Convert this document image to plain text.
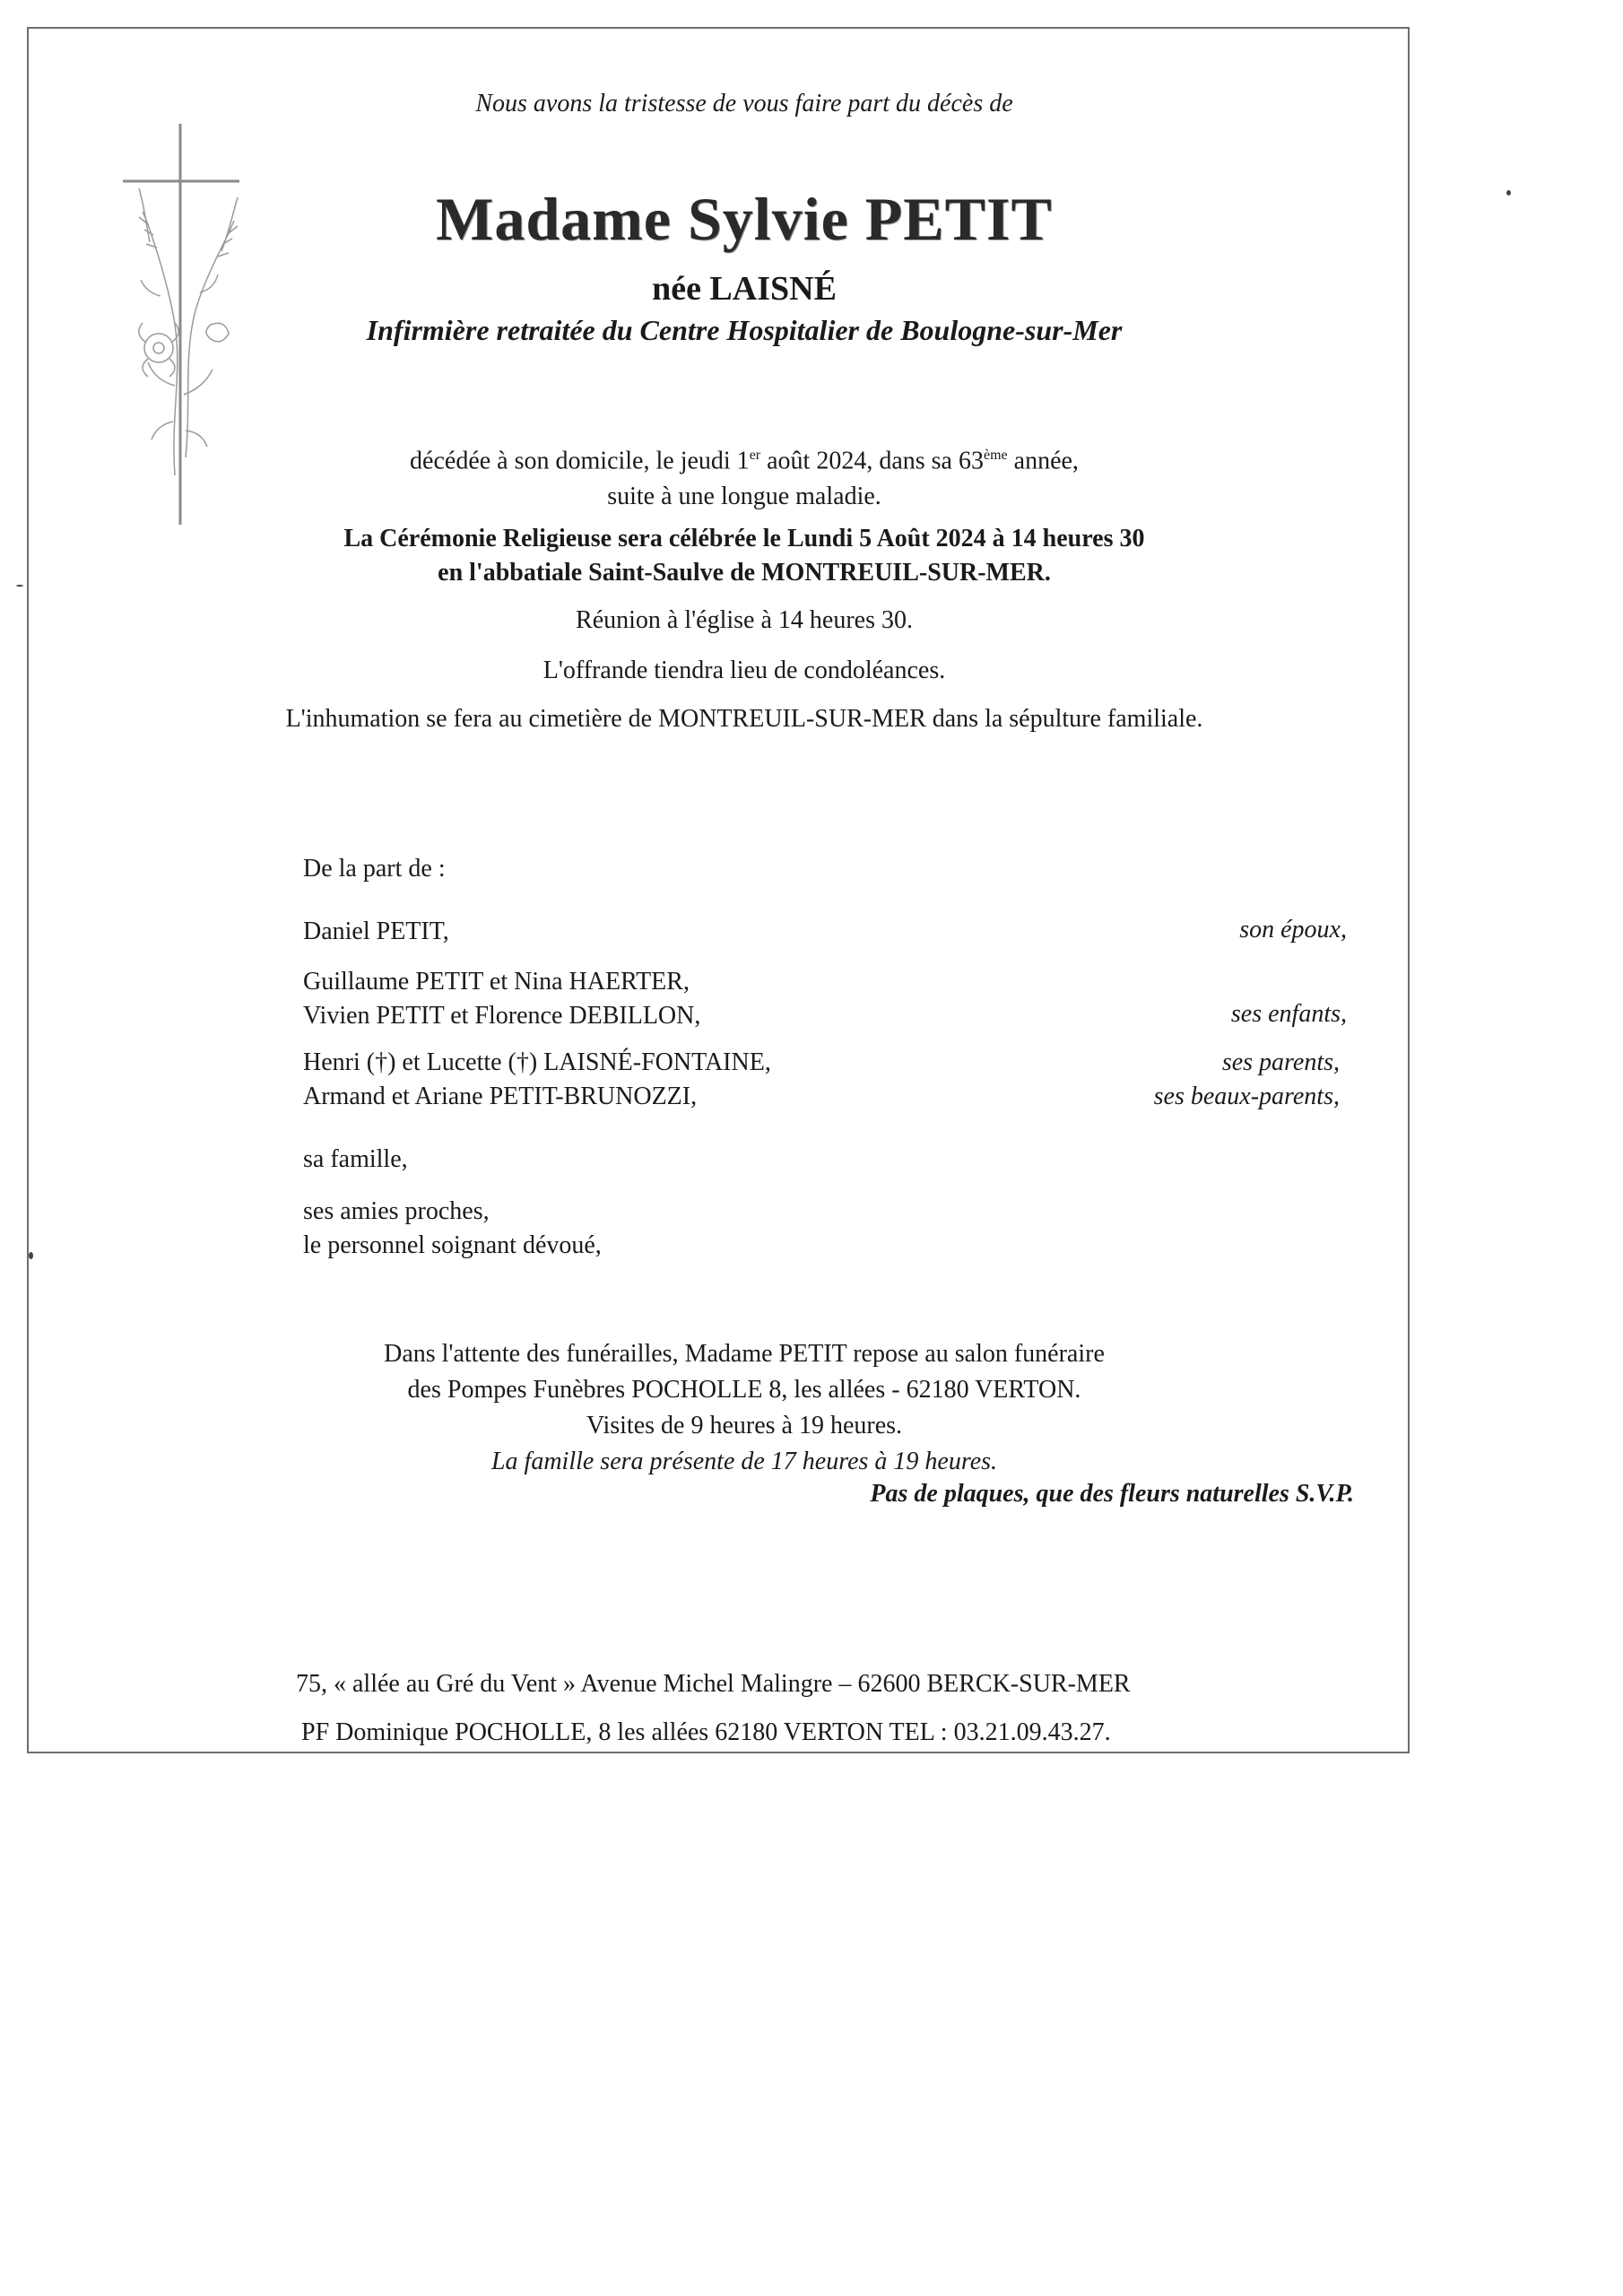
Nous avons la tristesse de vous faire part du décès de
Madame Sylvie PETIT
née LAISNÉ
Infirmière retraitée du Centre Hospitalier de Boulogne-sur-Mer
décédée à son domicile, le jeudi 1er août 2024, dans sa 63ème année,
suite à une longue maladie.
La Cérémonie Religieuse sera célébrée le Lundi 5 Août 2024 à 14 heures 30
en l'abbatiale Saint-Saulve de MONTREUIL-SUR-MER.
Réunion à l'église à 14 heures 30.
L'offrande tiendra lieu de condoléances.
L'inhumation se fera au cimetière de MONTREUIL-SUR-MER dans la sépulture familiale.
De la part de :
Daniel PETIT,	son époux,
Guillaume PETIT et Nina HAERTER,
Vivien PETIT et Florence DEBILLON,	ses enfants,
Henri (†) et Lucette (†) LAISNÉ-FONTAINE,
Armand et Ariane PETIT-BRUNOZZI,
ses parents,
ses beaux-parents,
sa famille,
ses amies proches,
le personnel soignant dévoué,
Dans l'attente des funérailles, Madame PETIT repose au salon funéraire
des Pompes Funèbres POCHOLLE 8, les allées - 62180 VERTON.
Visites de 9 heures à 19 heures.
La famille sera présente de 17 heures à 19 heures.
Pas de plaques, que des fleurs naturelles S.V.P.
75, « allée au Gré du Vent » Avenue Michel Malingre – 62600 BERCK-SUR-MER
PF Dominique POCHOLLE, 8 les allées 62180 VERTON TEL : 03.21.09.43.27.
